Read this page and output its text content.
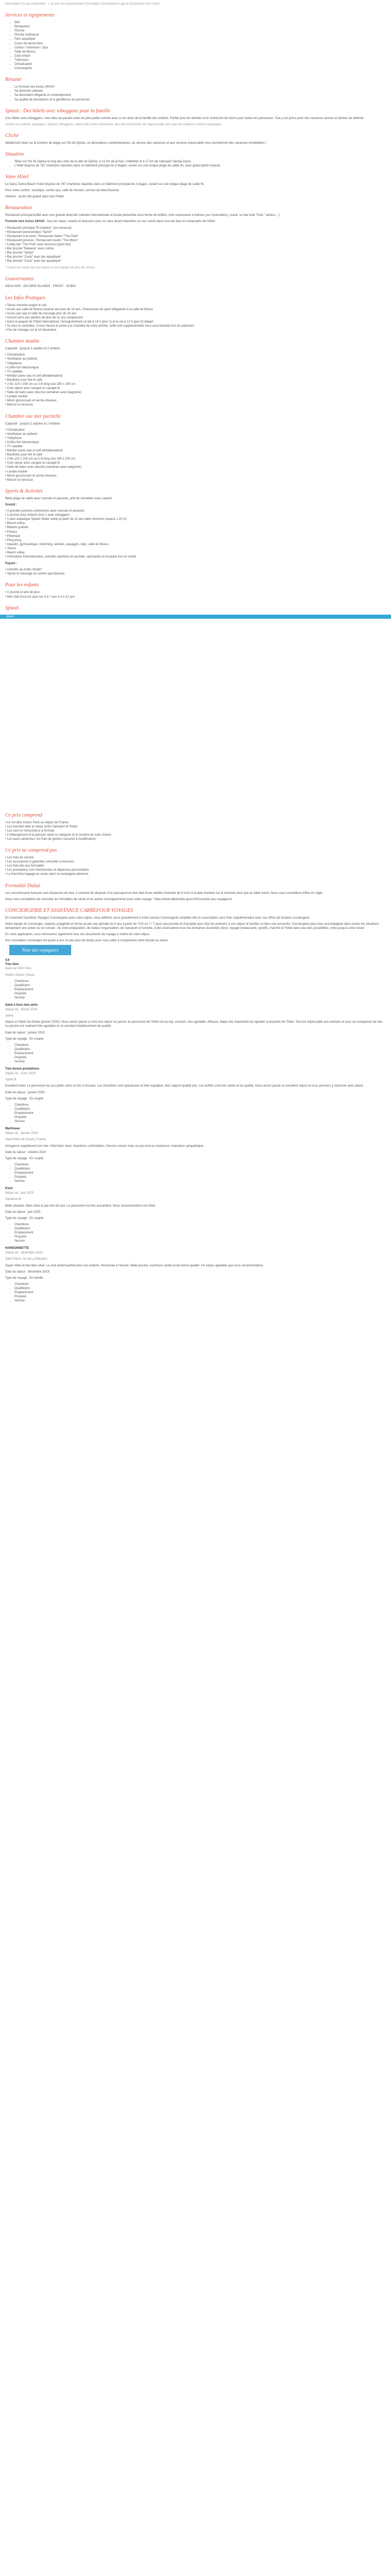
Description Ce qui comprend : ✓ le prix ne comprend pas Formalités Conciergerie Logo & Assistance Avis Client

Services et équipements
• Wifi
• Restaurant
• Piscine
• Piscine extérieure
• Parc aquatique
• Cours de tennis libre
• Centre / Hammam / Spa
• Salle de fitness
• Club enfant
• Télévision
• Climatisation
• Conciergerie
Résumé
• Le formule tout inclus 24h/24
• Sa diversité culinaire
• Sa décoration élégante et contemporaine
• Sa qualité de prestations et la gentillesse du personnel
Splash : Des hôtels avec toboggans pour la famille

Ces hôtels avec toboggans, vous êtes au paradis avec les plus petits comme avec à vos ados de la famille des enfants. Parfait pour les familles et le recherche de loisirs pour toutes les personnes. Tout y est prévu pour des vacances actives et pleines de détente.

Avertir vos enfants aquatique ! Splash, toboggans, rebord des toiles d'aventure, des elle fonctionner de l'aqua-lande sans que les meilleurs enfants équipages.

Cliché

Idéalement situé sur la bordure de plage sur l'île de Djerba, ce décorations contemporaines, au service des vacances et aux services impeccable vous permettront des vacances inoubliables !

Situation
• Situé sur l'île de Djerba le long des sites de la ville de Djerba, à 15 km de la Ras J Mahbrik et à 17 km de l'aéroport Djerba-Zarzis
• L'hôtel dispose de 767 chambres réparties dans un bâtiment principal de 3 étages, ouvert sur une longue plage de sable fin, avec grand jardin tropical.
Votre Hôtel

Le Dana Tantra Beach Hotel dispose de 767 chambres réparties dans un bâtiment principal de 3 étages, ouvert sur une longue plage de sable fin.

Pour votre confort : boutique, centre spa, salle de réunion, service de blanchisserie.

Internet : accès wifi gratuit dans tout l'hôtel.

Restauration

Restaurant principal buffet avec une grande diversité culinaire internationale et locale présentée sous forme de buffets, trois restaurants à thèmes (sur réservation), snack, un bar-club "Club " lacteur ...)

Formule tout inclus 24h/24 : tous les repas, snacks et boissons avec ou sans alcool importées ou non servis dans tous les bars et restaurants de l'hôtel.

• Restaurant principal "El Andalus" (sur terrasse)
• Restaurant panoramique "Sprint"
• Restaurant à la carte / Restaurant italien "The Palm"
• Restaurant poisson / Restaurant Asiatic "The Moon"
• Lobby bar "The Pool" avec terrasse (sport bar)
• Bar piscine "Baleana" avec crème
• Bar piscine "Sphyn"
• Bar piscine "Coral" avec bar aquatique*
• Bar piscine "Coral" avec bar aquatique*

* Ouvert en haute eau (en haute et aux soirées de plus de 18 ans

Gouvernantes

INDIA HAR · OH DEW ISLANDS · FRONT · DUBAI

Les Infos Pratiques
• Tenue correcte exigée le soir.
• Accès aux salle de fitness réservé aux plus de 16 ans. Chaussures de sport obligatoire à la salle de fitness
• Accès aux spa et salle de massage plus de 18 ans
• Accord servi aux adultes de plus de 21 ans uniquement
• Dans le paquet de l'hôtel international, l'enregistrement se fait à 14 h (jour 1) et le est à 12 h (jour 8) départ
• Si vous le souhaitez, il vous faudra la arrivé à la chambre de votre arrivée, cette nuit supplémentaire vous sera facturée lors du paiement
• Pas de ménage sur le 15 décembre.
Chambre double

Capacité : jusqu'à 2 adultes et 2 enfants

• Climatisation
• Ventilateur au plafond
• Téléphone
• Coffre-fort électronique
• TV satellite
• Minibar (avec eau et soft atréaliteradent)
• Bouilloire pour thé et café
• 2 lits 120 x 200 cm ou 2 lit king size 180 x 200 cm
• Coin séjour avec canapé ou canapé-lit
• Salle de bains avec douche (certaines avec baignoire)
• Lavabo double
• Miroir grossissant et sèche-cheveux
• Balcon ou terrasse
Chambre vue mer partielle

Capacité : jusqu'à 2 adultes et 2 enfants

• Climatisation
• Ventilateur au plafond
• Téléphone
• Coffre-fort électronique
• TV satellite
• Minibar (avec eau et soft atréaliteradent)
• Bouilloire pour thé et café
• 2 lits 120 x 200 cm ou 2 lit king size 180 x 200 cm
• Coin séjour avec canapé ou canapé-lit
• Salle de bains avec douche (certaines avec baignoire)
• Lavabo double
• Miroir grossissant et sèche-cheveux
• Balcon ou terrasse
Sports & Activités

Belle plage de sable avec transats et parasols, prêt de serviettes avec caution

Gratuit :

• 3 grandes piscines extérieures avec transats et parasols
• 1 piscine pour enfants dont 1 avec toboggans
• 1 parc aquatique Splash Water world (à partir de 12 ans taille minimum requise 1,20 m)
• Beach-volley
• Billards gratuits
• Fitness
• Pétanque
• Ping pong
• Aqualim, gymnastique, stretching, aérobic, aquagym, step, salle de fitness
• Tennis
• Beach volley
• Animations internationales, activités sportives en journée, spectacles et musique live en soirée

Payant :

• Activités au Audio Studio*
• Spiste et massage du centre spa Nanozia
Pour les enfants
• 1 piscine et aire de jeux
• Mini club Koui est pour les 4 à 7 ans à 4 à 12 ans
Splash
Splash
Ce prix comprend
• Le vol aller /retour Paris au départ de France
• Les transfert aller et retour entre l'aéroport et l'hôtel
• Les sont en horizontal à la formule
• L'hébergement et la pension selon la catégorie et le nombre de nuits choisis
• Les taxes aériennes, les frais de gestion (assurez à modification)
Ce prix ne comprend pas
• Les frais de service
• Les assurances à garanties consulter ci-dessous
• Les frais liés aux formalités
• Les prestations non mentionnées et dépenses personnelles
• La franchise bagage en soute selon la compagnie aérienne
Formalité Dubaï

Les ressortissants français sont dispensés de visa. Il convient de disposer d'un passeport en bon état d'une validité minimale de 6 mois à la date d'entrée sur le territoire ainsi que du billet retour. Nous vous conseillons d'être en règle.

Nous vous conseillons de consulter les formalités de santé et les autres renseignements pour votre voyage : https://www.diplomatie.gouv.fr/fr/conseils-aux-voyageurs/

CONCIERGERIE ET ASSISTANCE CARREFOUR VOYAGES

En réservant Carrefour Voyages Conciergerie avec votre séjour, vous adhérez aussi gratuitement à notre service Conciergerie complète dès la souscription sans frais supplémentaire avec nos offres de location conciergerie.

Notre équipe de concierges, experte, polyglotte et forme-se par une période de 5 ans à partir de 7/24 ou 7 / 7 pour une journée et d'accéder pour être les premiers à vos séjour et faciliter ou bien une rencontre. Conciergerie peut vous accompagner dans toutes les situations demandant une action ou un conseil : de votre préparation, de toutes l'organisation, de l'aéroport et l'arrivée, à des réservations tous les domaines d'activités (loisir, voyage (restaurant), sportifs, marché et l'hôtel dans tous des possibilités, votre jusqu'à votre retour.

En votre application, vous retrouverez également tous vos documents de voyage à mettre de votre séjour.

Nos conseillers concierges ont quant à eux un peu plus de temps pour vous aider à comprendre votre besoin au mieux.

Note des voyageurs

4.6

Très bien

basé sur 3347 Avis

Hotel's Owner (Taise)

• Chambres
• Qualité/prix
• Emplacement
• Propreté
• Service

Salut à tous mes amis

Séjour du : février 2020

Jaime

Séjour à l'hôtel Via Dubaï (janvier 2020). Nous avons passé un très bon séjour en janvier au personnel de l'hôtel est au top, souriant, très agréable, efficace, étape très importante du signaler la propreté de l'hôtel. Tout est impeccable aux endroits et vous ne manquerez de rien. La piscine est vraiment très agréable et un excellent établissement de qualité.

Date du séjour : janvier 2020

Type de voyage : En couple

• Chambres
• Qualité/prix
• Emplacement
• Propreté
• Service

Très bonne prestations

Séjour du : mars 2020

Sylvie B

Excellent hôtel. Le personnel est aux petits soins et très à l'écoute. Les chambres sont spacieuses et bien équipées. Bon rapport qualité prix. Les buffets sont très variés et de qualité. Nous avons passé un excellent séjour et nous pensons y retourner avec plaisir.

Date du séjour : janvier 2020

Type de voyage : En couple

• Chambres
• Qualité/prix
• Emplacement
• Propreté
• Service

Martineau

Séjour du : janvier 2020

Saint-Rémi de (Faun), France

Arrogance supplément non mer. Hôtel bien situé, chambres confortables. Service correct mais un peu lent au restaurant. Animation sympathique.

Date du séjour : octobre 2020

Type de voyage : En couple

• Chambres
• Qualité/prix
• Emplacement
• Propreté
• Service

Kisin

Séjour du : juin 2020

Sandrine M

Belle situation. Bien situé et pas loin de tout. Le personnel est très accueillant. Nous recommandons cet hôtel.

Date du séjour : juin 2020

Type de voyage : En couple

• Chambres
• Qualité/prix
• Emplacement
• Propreté
• Service

HARDONNETTE

Séjour du : décembre 2019

Saint Pierre, Ile de La Réunion

Super hôtel et très bien situé. Le club enfant parfait pour nos enfants. Personnel à l'écoute. Belle piscine, nourriture variée et de bonne qualité. Un séjour agréable que nous recommandons.

Date du séjour : décembre 2019

Type de voyage : En famille

• Chambres
• Qualité/prix
• Emplacement
• Propreté
• Service
